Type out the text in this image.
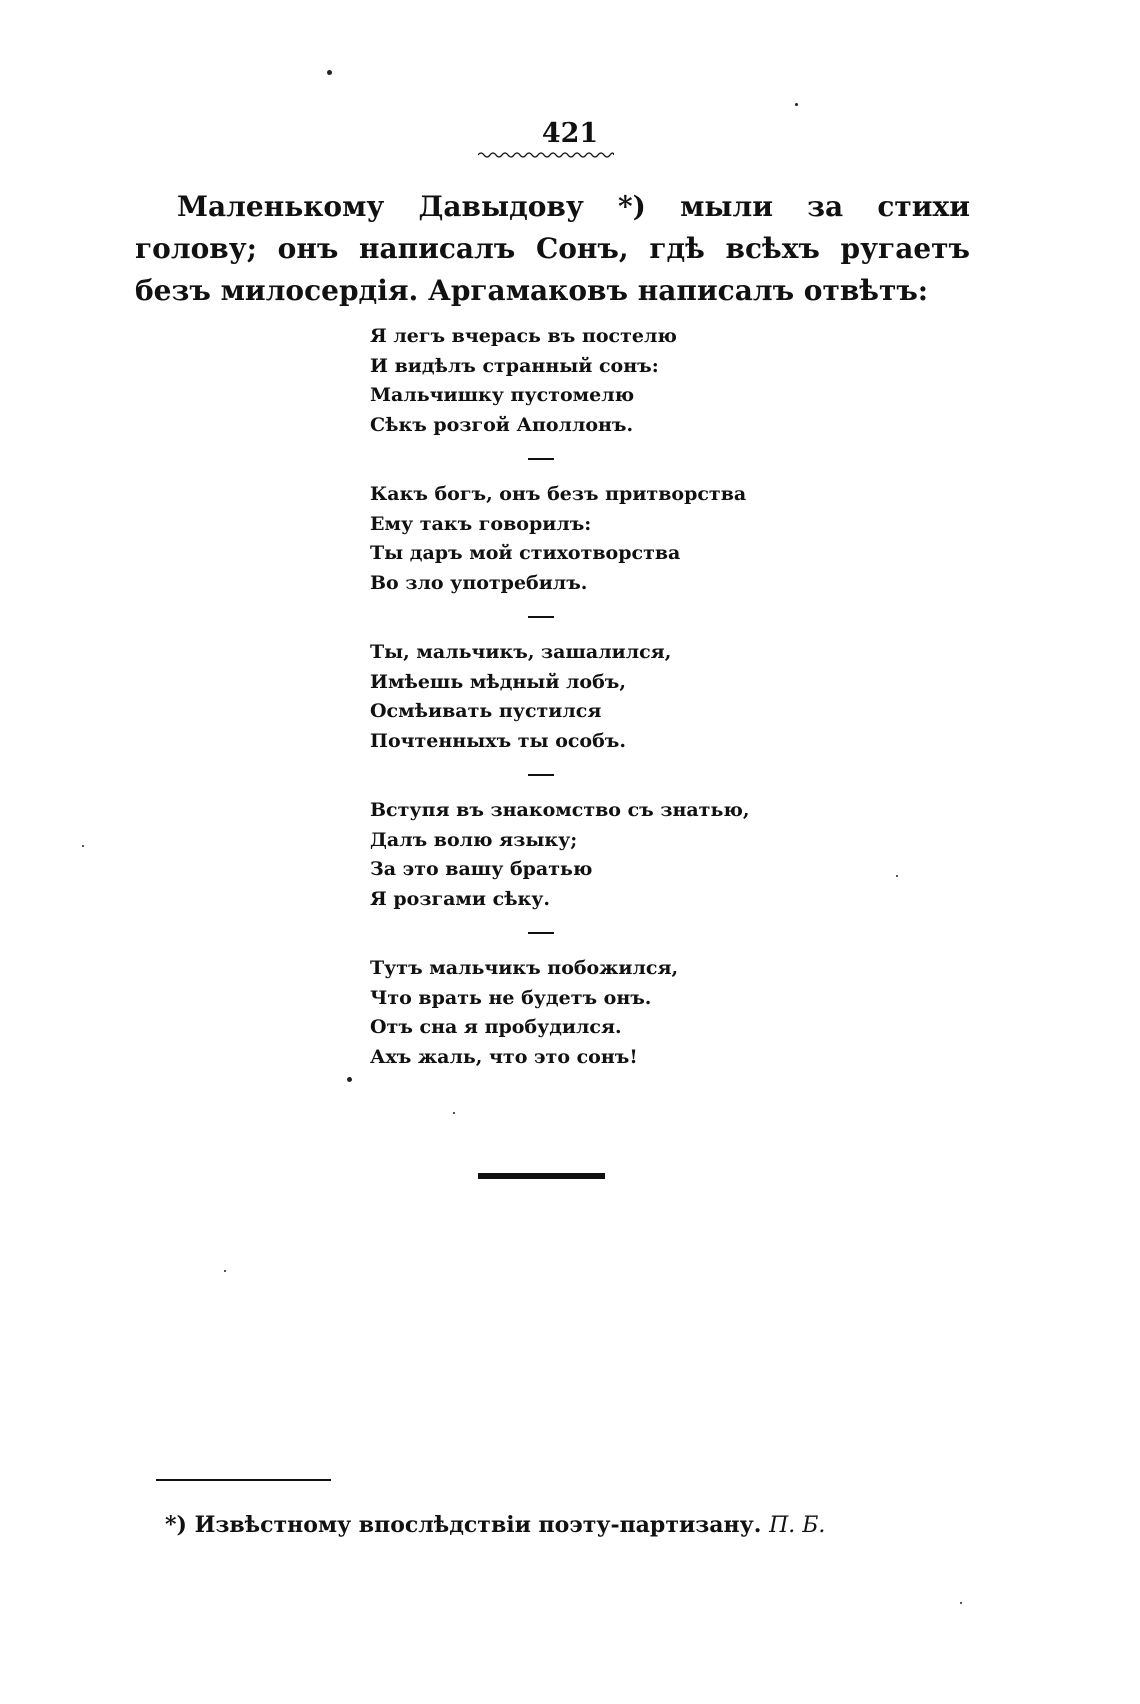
421

Маленькому Давыдову *) мыли за стихи голову; онъ написалъ Сонъ, гдѣ всѣхъ ругаетъ безъ милосердія. Аргамаковъ написалъ отвѣтъ:

Я легъ вчерась въ постелю
И видѣлъ странный сонъ:
Мальчишку пустомелю
Сѣкъ розгой Аполлонъ.
Какъ богъ, онъ безъ притворства
Ему такъ говорилъ:
Ты даръ мой стихотворства
Во зло употребилъ.
Ты, мальчикъ, зашалился,
Имѣешь мѣдный лобъ,
Осмѣивать пустился
Почтенныхъ ты особъ.
Вступя въ знакомство съ знатью,
Далъ волю языку;
За это вашу братью
Я розгами сѣку.
Тутъ мальчикъ побожился,
Что врать не будетъ онъ.
Отъ сна я пробудился.
Ахъ жаль, что это сонъ!
*) Извѣстному впослѣдствіи поэту-партизану. П. Б.
